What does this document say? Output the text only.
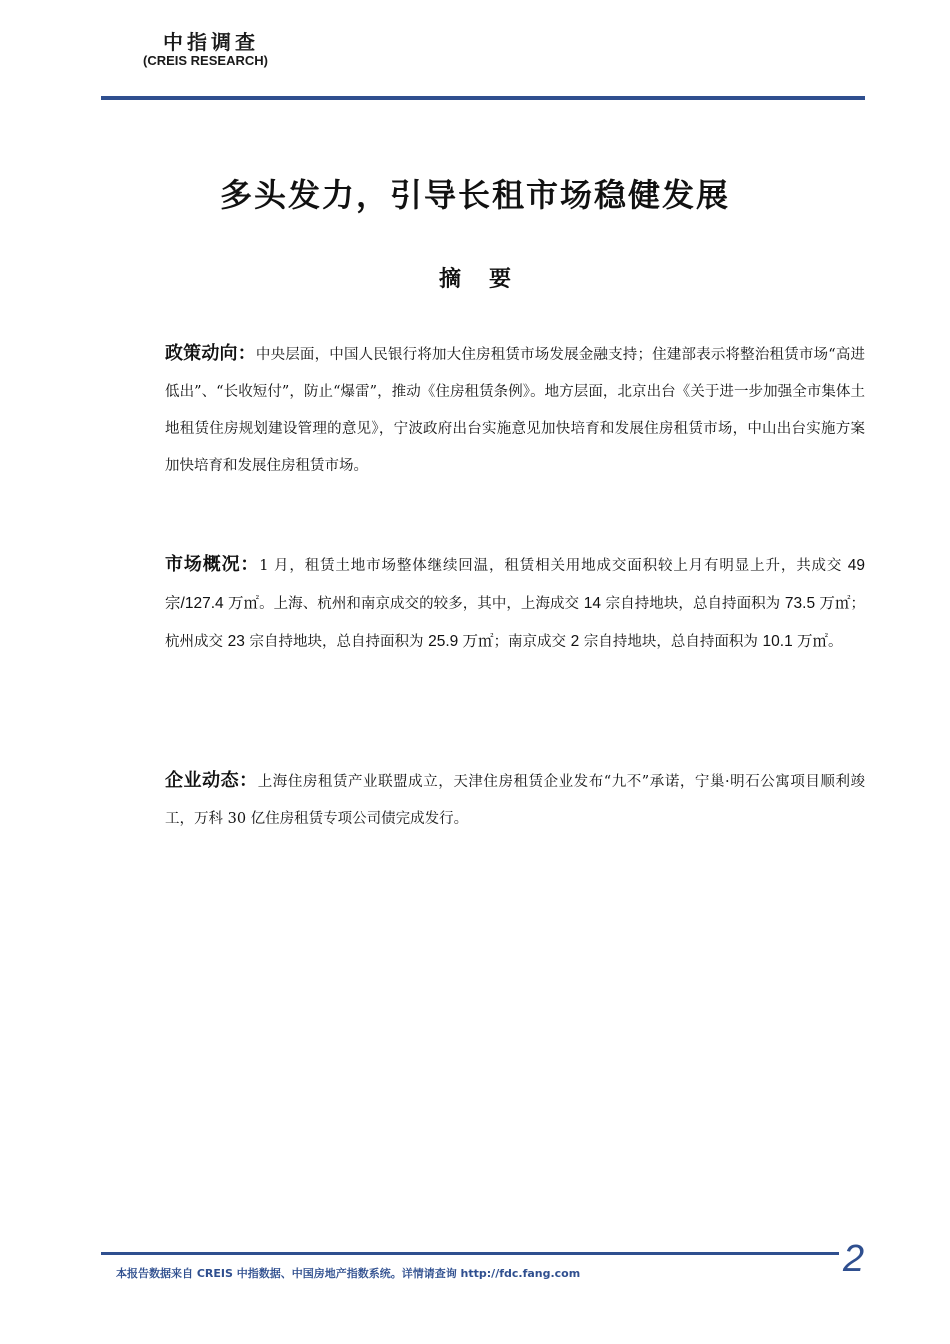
中指调查
(CREIS RESEARCH)
多头发力，引导长租市场稳健发展
摘要
政策动向：中央层面，中国人民银行将加大住房租赁市场发展金融支持；住建部表示将整治租赁市场“高进低出”、“长收短付”，防止“爆雷”，推动《住房租赁条例》。地方层面，北京出台《关于进一步加强全市集体土地租赁住房规划建设管理的意见》，宁波政府出台实施意见加快培育和发展住房租赁市场，中山出台实施方案加快培育和发展住房租赁市场。
市场概况：1 月，租赁土地市场整体继续回温，租赁相关用地成交面积较上月有明显上升，共成交 49 宗/127.4 万㎡。上海、杭州和南京成交的较多，其中，上海成交 14 宗自持地块，总自持面积为 73.5 万㎡；杭州成交 23 宗自持地块，总自持面积为 25.9 万㎡；南京成交 2 宗自持地块，总自持面积为 10.1 万㎡。
企业动态：上海住房租赁产业联盟成立，天津住房租赁企业发布“九不”承诺，宁巢·明石公寓项目顺利竣工，万科 30 亿住房租赁专项公司债完成发行。
本报告数据来自 CREIS 中指数据、中国房地产指数系统。详情请查询 http://fdc.fang.com	2
